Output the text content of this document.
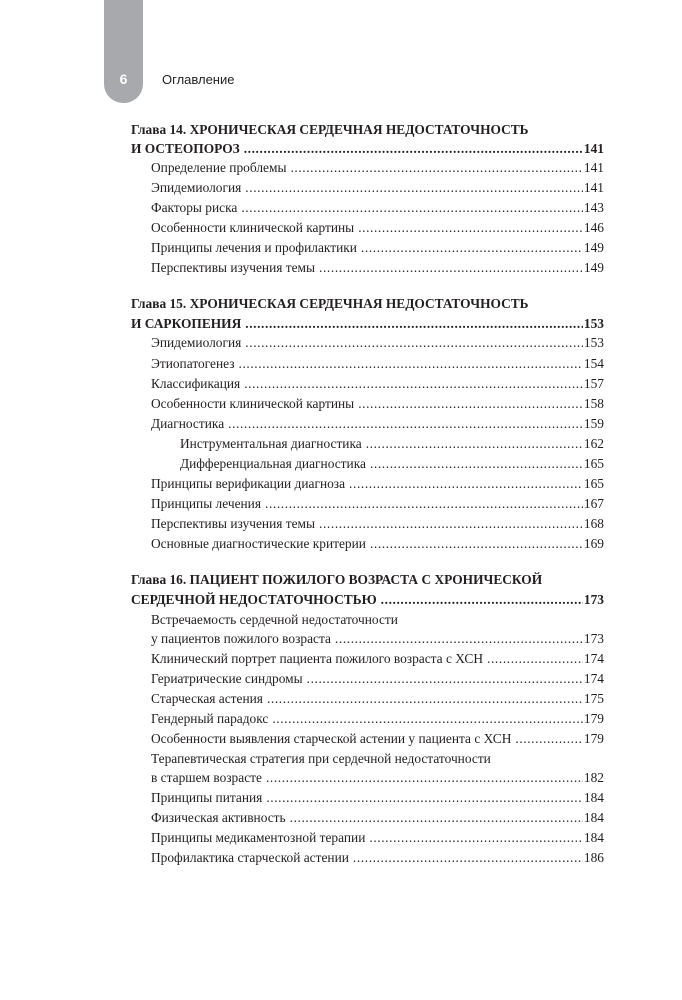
6	Оглавление
Глава 14. ХРОНИЧЕСКАЯ СЕРДЕЧНАЯ НЕДОСТАТОЧНОСТЬ
И ОСТЕОПОРОЗ .....	141
Определение проблемы .....	141
Эпидемиология .....	141
Факторы риска .....	143
Особенности клинической картины .....	146
Принципы лечения и профилактики .....	149
Перспективы изучения темы .....	149
Глава 15. ХРОНИЧЕСКАЯ СЕРДЕЧНАЯ НЕДОСТАТОЧНОСТЬ
И САРКОПЕНИЯ .....	153
Эпидемиология .....	153
Этиопатогенез .....	154
Классификация .....	157
Особенности клинической картины .....	158
Диагностика .....	159
Инструментальная диагностика .....	162
Дифференциальная диагностика .....	165
Принципы верификации диагноза .....	165
Принципы лечения .....	167
Перспективы изучения темы .....	168
Основные диагностические критерии .....	169
Глава 16. ПАЦИЕНТ ПОЖИЛОГО ВОЗРАСТА С ХРОНИЧЕСКОЙ
СЕРДЕЧНОЙ НЕДОСТАТОЧНОСТЬЮ .....	173
Встречаемость сердечной недостаточности
у пациентов пожилого возраста .....	173
Клинический портрет пациента пожилого возраста с ХСН .....	174
Гериатрические синдромы .....	174
Старческая астения .....	175
Гендерный парадокс .....	179
Особенности выявления старческой астении у пациента с ХСН .....	179
Терапевтическая стратегия при сердечной недостаточности
в старшем возрасте .....	182
Принципы питания .....	184
Физическая активность .....	184
Принципы медикаментозной терапии .....	184
Профилактика старческой астении .....	186
